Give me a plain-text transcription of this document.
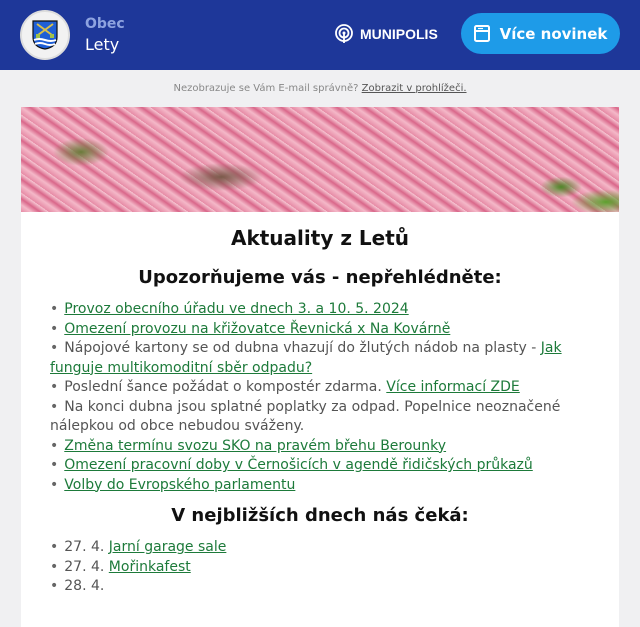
Obec
Lety
MUNIPOLIS	Více novinek
Nezobrazuje se Vám E-mail správně? Zobrazit v prohlížeči.
Aktuality z Letů
Upozorňujeme vás - nepřehlédněte:
• Provoz obecního úřadu ve dnech 3. a 10. 5. 2024
• Omezení provozu na křižovatce Řevnická x Na Kovárně
• Nápojové kartony se od dubna vhazují do žlutých nádob na plasty - Jak funguje multikomoditní sběr odpadu?
• Poslední šance požádat o kompostér zdarma. Více informací ZDE
• Na konci dubna jsou splatné poplatky za odpad. Popelnice neoznačené nálepkou od obce nebudou sváženy.
• Změna termínu svozu SKO na pravém břehu Berounky
• Omezení pracovní doby v Černošicích v agendě řidičských průkazů
• Volby do Evropského parlamentu
V nejbližších dnech nás čeká:
• 27. 4. Jarní garage sale
• 27. 4. Mořinkafest
• 28. 4.
